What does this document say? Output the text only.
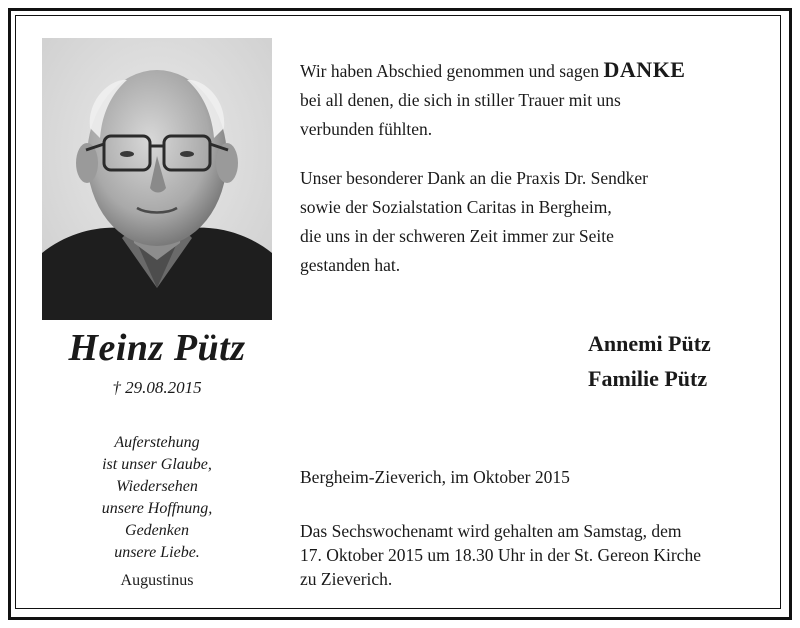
Heinz Pütz
† 29.08.2015
Auferstehung
ist unser Glaube,
Wiedersehen
unsere Hoffnung,
Gedenken
unsere Liebe.
Augustinus
Wir haben Abschied genommen und sagen DANKE
bei all denen, die sich in stiller Trauer mit uns
verbunden fühlten.
Unser besonderer Dank an die Praxis Dr. Sendker
sowie der Sozialstation Caritas in Bergheim,
die uns in der schweren Zeit immer zur Seite
gestanden hat.
Annemi Pütz
Familie Pütz
Bergheim-Zieverich, im Oktober 2015
Das Sechswochenamt wird gehalten am Samstag, dem
17. Oktober 2015 um 18.30 Uhr in der St. Gereon Kirche
zu Zieverich.
